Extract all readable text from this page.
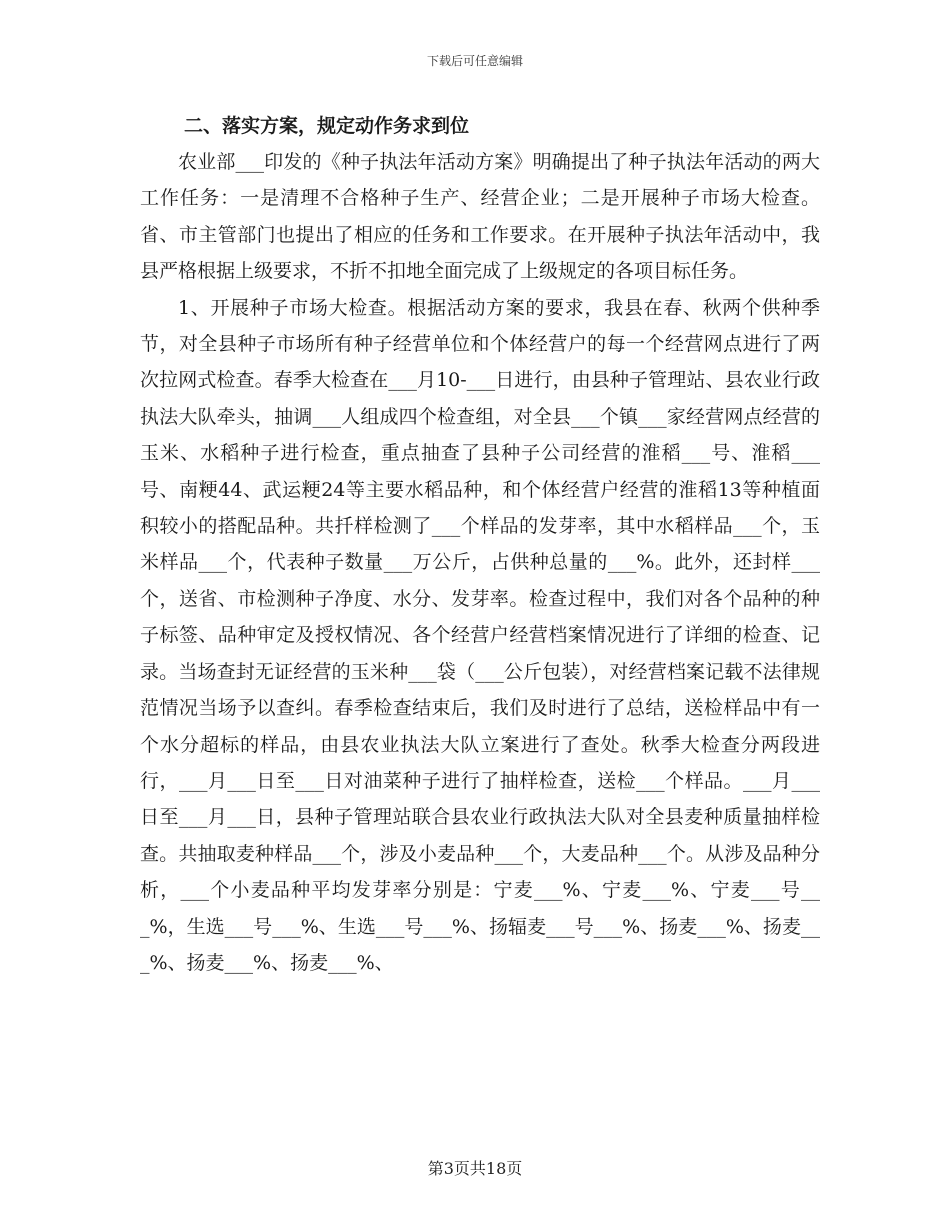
下载后可任意编辑

二、落实方案，规定动作务求到位

农业部___印发的《种子执法年活动方案》明确提出了种子执法年活动的两大工作任务：一是清理不合格种子生产、经营企业；二是开展种子市场大检查。省、市主管部门也提出了相应的任务和工作要求。在开展种子执法年活动中，我县严格根据上级要求，不折不扣地全面完成了上级规定的各项目标任务。

1、开展种子市场大检查。根据活动方案的要求，我县在春、秋两个供种季节，对全县种子市场所有种子经营单位和个体经营户的每一个经营网点进行了两次拉网式检查。春季大检查在___月10-___日进行，由县种子管理站、县农业行政执法大队牵头，抽调___人组成四个检查组，对全县___个镇___家经营网点经营的玉米、水稻种子进行检查，重点抽查了县种子公司经营的淮稻___号、淮稻___号、南粳44、武运粳24等主要水稻品种，和个体经营户经营的淮稻13等种植面积较小的搭配品种。共扦样检测了___个样品的发芽率，其中水稻样品___个，玉米样品___个，代表种子数量___万公斤，占供种总量的___%。此外，还封样___个，送省、市检测种子净度、水分、发芽率。检查过程中，我们对各个品种的种子标签、品种审定及授权情况、各个经营户经营档案情况进行了详细的检查、记录。当场查封无证经营的玉米种___袋（___公斤包装），对经营档案记载不法律规范情况当场予以查纠。春季检查结束后，我们及时进行了总结，送检样品中有一个水分超标的样品，由县农业执法大队立案进行了查处。秋季大检查分两段进行，___月___日至___日对油菜种子进行了抽样检查，送检___个样品。___月___日至___月___日，县种子管理站联合县农业行政执法大队对全县麦种质量抽样检查。共抽取麦种样品___个，涉及小麦品种___个，大麦品种___个。从涉及品种分析，___个小麦品种平均发芽率分别是：宁麦___%、宁麦___%、宁麦___号___%，生选___号___%、生选___号___%、扬辐麦___号___%、扬麦___%、扬麦___%、扬麦___%、扬麦___%、

第3页共18页
